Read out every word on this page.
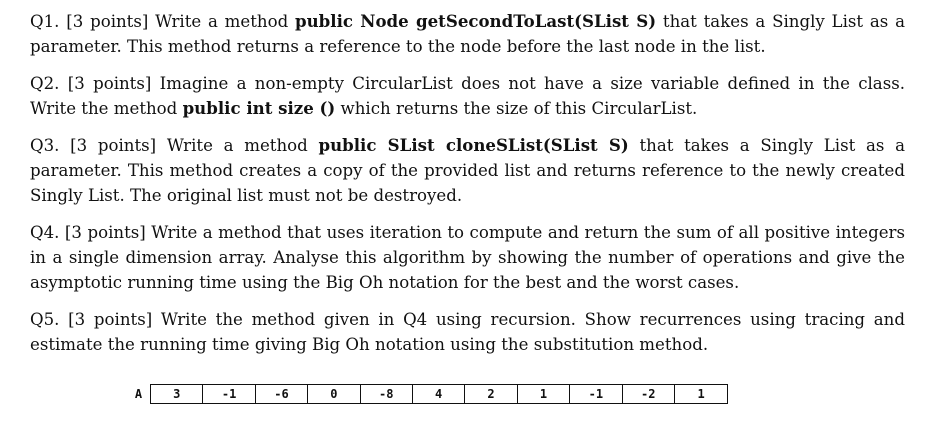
Q1. [3 points] Write a method public Node getSecondToLast(SList S) that takes a Singly List as a parameter. This method returns a reference to the node before the last node in the list.

Q2. [3 points] Imagine a non-empty CircularList does not have a size variable defined in the class. Write the method public int size () which returns the size of this CircularList.

Q3. [3 points] Write a method public SList cloneSList(SList S) that takes a Singly List as a parameter. This method creates a copy of the provided list and returns reference to the newly created Singly List. The original list must not be destroyed.

Q4. [3 points] Write a method that uses iteration to compute and return the sum of all positive integers in a single dimension array. Analyse this algorithm by showing the number of operations and give the asymptotic running time using the Big Oh notation for the best and the worst cases.

Q5. [3 points] Write the method given in Q4 using recursion. Show recurrences using tracing and estimate the running time giving Big Oh notation using the substitution method.

A	3	-1	-6	0	-8	4	2	1	-1	-2	1
